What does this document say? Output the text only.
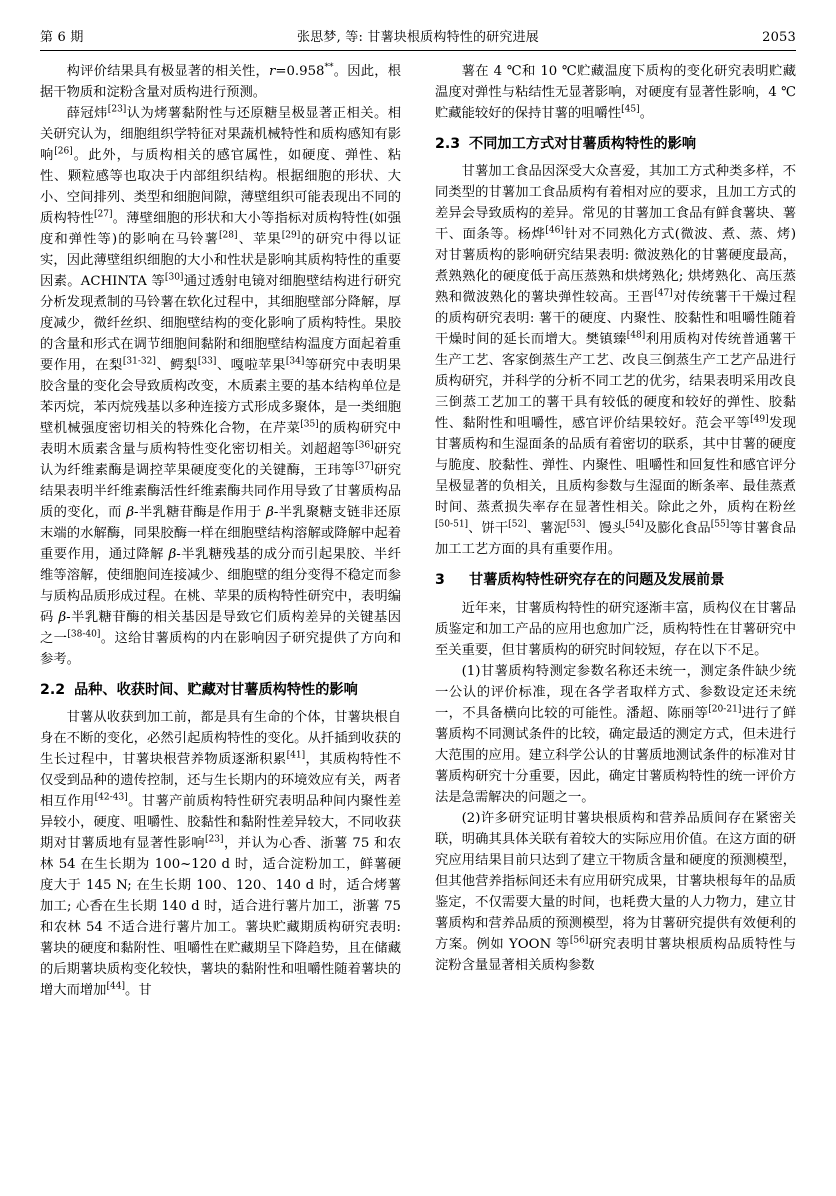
第 6 期	张思梦, 等: 甘薯块根质构特性的研究进展	2053

构评价结果具有极显著的相关性，r=0.958**。因此，根据干物质和淀粉含量对质构进行预测。

薛冠炜[23]认为烤薯黏附性与还原糖呈极显著正相关。相关研究认为，细胞组织学特征对果蔬机械特性和质构感知有影响[26]。此外，与质构相关的感官属性，如硬度、弹性、粘性、颗粒感等也取决于内部组织结构。根据细胞的形状、大小、空间排列、类型和细胞间隙，薄壁组织可能表现出不同的质构特性[27]。薄壁细胞的形状和大小等指标对质构特性(如强度和弹性等)的影响在马铃薯[28]、苹果[29]的研究中得以证实，因此薄壁组织细胞的大小和性状是影响其质构特性的重要因素。ACHINTA 等[30]通过透射电镜对细胞壁结构进行研究分析发现煮制的马铃薯在软化过程中，其细胞壁部分降解，厚度减少，微纤丝织、细胞壁结构的变化影响了质构特性。果胶的含量和形式在调节细胞间黏附和细胞壁结构温度方面起着重要作用，在梨[31-32]、鳄梨[33]、嘎啦苹果[34]等研究中表明果胶含量的变化会导致质构改变，木质素主要的基本结构单位是苯丙烷，苯丙烷残基以多种连接方式形成多聚体，是一类细胞壁机械强度密切相关的特殊化合物，在芹菜[35]的质构研究中表明木质素含量与质构特性变化密切相关。刘超超等[36]研究认为纤维素酶是调控苹果硬度变化的关键酶，王玮等[37]研究结果表明半纤维素酶活性纤维素酶共同作用导致了甘薯质构品质的变化，而 β-半乳糖苷酶是作用于 β-半乳聚糖支链非还原末端的水解酶，同果胶酶一样在细胞壁结构溶解或降解中起着重要作用，通过降解 β-半乳糖残基的成分而引起果胶、半纤维等溶解，使细胞间连接减少、细胞壁的组分变得不稳定而参与质构品质形成过程。在桃、苹果的质构特性研究中，表明编码 β-半乳糖苷酶的相关基因是导致它们质构差异的关键基因之一[38-40]。这给甘薯质构的内在影响因子研究提供了方向和参考。

2.2 品种、收获时间、贮藏对甘薯质构特性的影响

甘薯从收获到加工前，都是具有生命的个体，甘薯块根自身在不断的变化，必然引起质构特性的变化。从扦插到收获的生长过程中，甘薯块根营养物质逐渐积累[41]，其质构特性不仅受到品种的遗传控制，还与生长期内的环境效应有关，两者相互作用[42-43]。甘薯产前质构特性研究表明品种间内聚性差异较小，硬度、咀嚼性、胶黏性和黏附性差异较大，不同收获期对甘薯质地有显著性影响[23]，并认为心香、浙薯 75 和农林 54 在生长期为 100~120 d 时，适合淀粉加工，鲜薯硬度大于 145 N; 在生长期 100、120、140 d 时，适合烤薯加工; 心香在生长期 140 d 时，适合进行薯片加工，浙薯 75 和农林 54 不适合进行薯片加工。薯块贮藏期质构研究表明: 薯块的硬度和黏附性、咀嚼性在贮藏期呈下降趋势，且在储藏的后期薯块质构变化较快，薯块的黏附性和咀嚼性随着薯块的增大而增加[44]。甘

薯在 4 ℃和 10 ℃贮藏温度下质构的变化研究表明贮藏温度对弹性与粘结性无显著影响，对硬度有显著性影响，4 ℃贮藏能较好的保持甘薯的咀嚼性[45]。

2.3 不同加工方式对甘薯质构特性的影响

甘薯加工食品因深受大众喜爱，其加工方式种类多样，不同类型的甘薯加工食品质构有着相对应的要求，且加工方式的差异会导致质构的差异。常见的甘薯加工食品有鲜食薯块、薯干、面条等。杨烨[46]针对不同熟化方式(微波、煮、蒸、烤)对甘薯质构的影响研究结果表明: 微波熟化的甘薯硬度最高，煮熟熟化的硬度低于高压蒸熟和烘烤熟化; 烘烤熟化、高压蒸熟和微波熟化的薯块弹性较高。王晋[47]对传统薯干干燥过程的质构研究表明: 薯干的硬度、内聚性、胶黏性和咀嚼性随着干燥时间的延长而增大。樊镇臻[48]利用质构对传统普通薯干生产工艺、客家倒蒸生产工艺、改良三倒蒸生产工艺产品进行质构研究，并科学的分析不同工艺的优劣，结果表明采用改良三倒蒸工艺加工的薯干具有较低的硬度和较好的弹性、胶黏性、黏附性和咀嚼性，感官评价结果较好。范会平等[49]发现甘薯质构和生湿面条的品质有着密切的联系，其中甘薯的硬度与脆度、胶黏性、弹性、内聚性、咀嚼性和回复性和感官评分呈极显著的负相关，且质构参数与生湿面的断条率、最佳蒸煮时间、蒸煮损失率存在显著性相关。除此之外，质构在粉丝[50-51]、饼干[52]、薯泥[53]、馒头[54]及膨化食品[55]等甘薯食品加工工艺方面的具有重要作用。

3	甘薯质构特性研究存在的问题及发展前景

近年来，甘薯质构特性的研究逐渐丰富，质构仪在甘薯品质鉴定和加工产品的应用也愈加广泛，质构特性在甘薯研究中至关重要，但甘薯质构的研究时间较短，存在以下不足。

(1)甘薯质构特测定参数名称还未统一，测定条件缺少统一公认的评价标准，现在各学者取样方式、参数设定还未统一，不具备横向比较的可能性。潘超、陈丽等[20-21]进行了鲜薯质构不同测试条件的比较，确定最适的测定方式，但未进行大范围的应用。建立科学公认的甘薯质地测试条件的标准对甘薯质构研究十分重要，因此，确定甘薯质构特性的统一评价方法是急需解决的问题之一。

(2)许多研究证明甘薯块根质构和营养品质间存在紧密关联，明确其具体关联有着较大的实际应用价值。在这方面的研究应用结果目前只达到了建立干物质含量和硬度的预测模型，但其他营养指标间还未有应用研究成果，甘薯块根每年的品质鉴定，不仅需要大量的时间，也耗费大量的人力物力，建立甘薯质构和营养品质的预测模型，将为甘薯研究提供有效便利的方案。例如 YOON 等[56]研究表明甘薯块根质构品质特性与淀粉含量显著相关质构参数
